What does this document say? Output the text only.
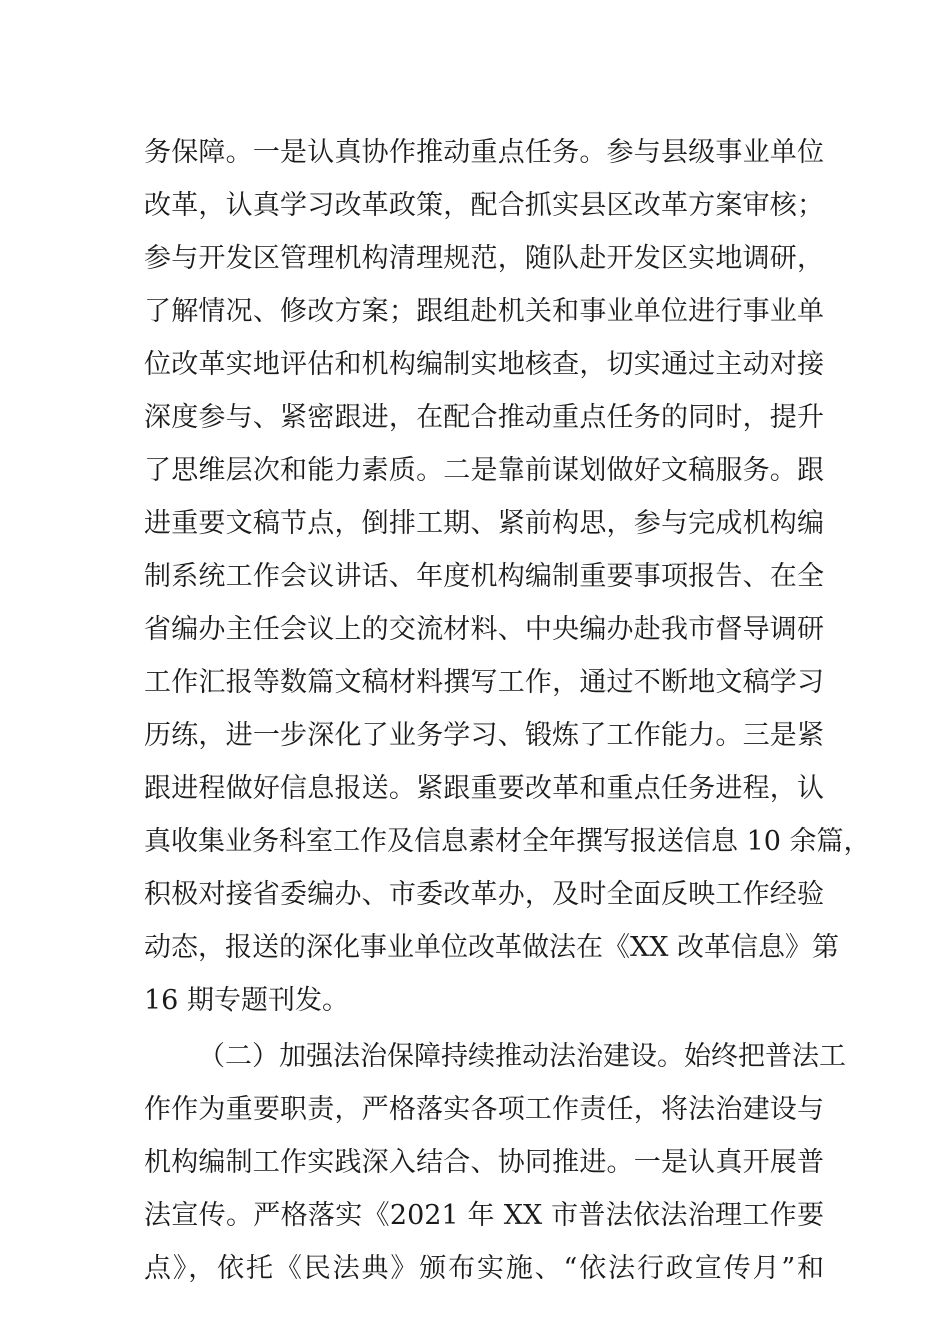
务保障。一是认真协作推动重点任务。参与县级事业单位
改革，认真学习改革政策，配合抓实县区改革方案审核；
参与开发区管理机构清理规范，随队赴开发区实地调研，
了解情况、修改方案；跟组赴机关和事业单位进行事业单
位改革实地评估和机构编制实地核查，切实通过主动对接
深度参与、紧密跟进，在配合推动重点任务的同时，提升
了思维层次和能力素质。二是靠前谋划做好文稿服务。跟
进重要文稿节点，倒排工期、紧前构思，参与完成机构编
制系统工作会议讲话、年度机构编制重要事项报告、在全
省编办主任会议上的交流材料、中央编办赴我市督导调研
工作汇报等数篇文稿材料撰写工作，通过不断地文稿学习
历练，进一步深化了业务学习、锻炼了工作能力。三是紧
跟进程做好信息报送。紧跟重要改革和重点任务进程，认
真收集业务科室工作及信息素材全年撰写报送信息 10 余篇，
积极对接省委编办、市委改革办，及时全面反映工作经验
动态，报送的深化事业单位改革做法在《XX 改革信息》第
16 期专题刊发。
（二）加强法治保障持续推动法治建设。始终把普法工
作作为重要职责，严格落实各项工作责任，将法治建设与
机构编制工作实践深入结合、协同推进。一是认真开展普
法宣传。严格落实《2021 年 XX 市普法依法治理工作要
点》，依托《民法典》颁布实施、“依法行政宣传月”和
